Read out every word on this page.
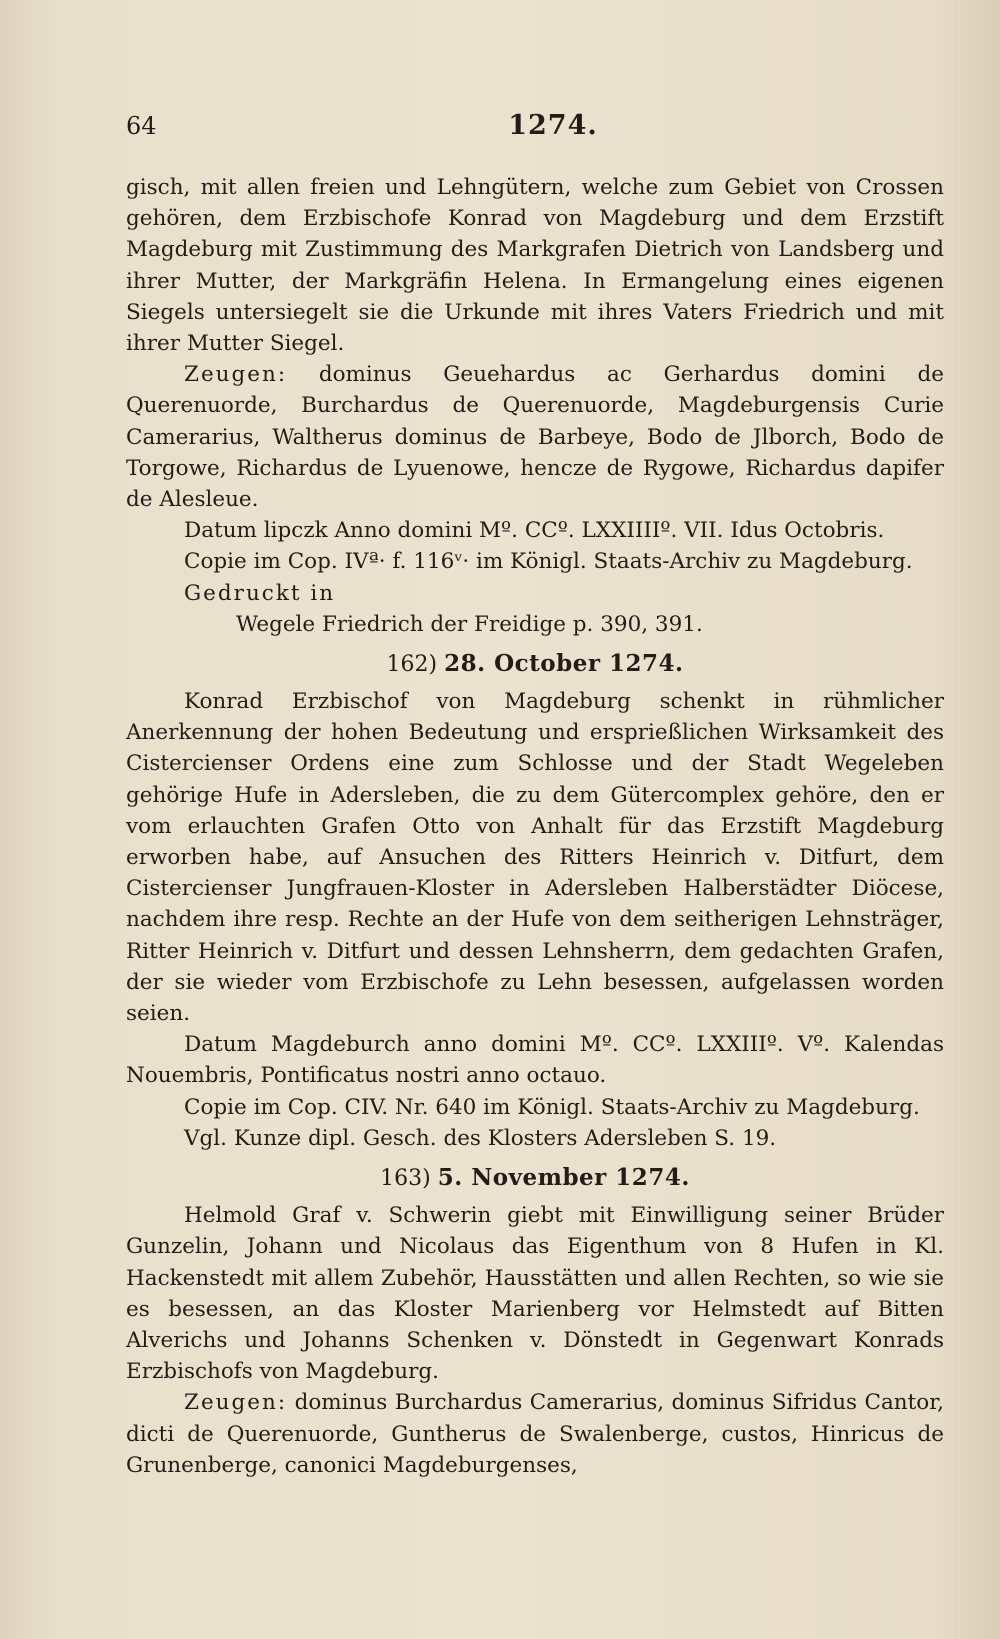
64	1274.

gisch, mit allen freien und Lehngütern, welche zum Gebiet von Crossen gehören, dem Erzbischofe Konrad von Magdeburg und dem Erzstift Magdeburg mit Zustimmung des Markgrafen Dietrich von Landsberg und ihrer Mutter, der Markgräfin Helena. In Ermangelung eines eigenen Siegels untersiegelt sie die Urkunde mit ihres Vaters Friedrich und mit ihrer Mutter Siegel.

Zeugen: dominus Geuehardus ac Gerhardus domini de Querenuorde, Burchardus de Querenuorde, Magdeburgensis Curie Camerarius, Waltherus dominus de Barbeye, Bodo de Jlborch, Bodo de Torgowe, Richardus de Lyuenowe, hencze de Rygowe, Richardus dapifer de Alesleue.

Datum lipczk Anno domini Mº. CCº. LXXIIIIº. VII. Idus Octobris.

Copie im Cop. IVª· f. 116ᵛ· im Königl. Staats-Archiv zu Magdeburg.

Gedruckt in

Wegele Friedrich der Freidige p. 390, 391.

162) 28. October 1274.

Konrad Erzbischof von Magdeburg schenkt in rühmlicher Anerkennung der hohen Bedeutung und ersprießlichen Wirksamkeit des Cistercienser Ordens eine zum Schlosse und der Stadt Wegeleben gehörige Hufe in Adersleben, die zu dem Gütercomplex gehöre, den er vom erlauchten Grafen Otto von Anhalt für das Erzstift Magdeburg erworben habe, auf Ansuchen des Ritters Heinrich v. Ditfurt, dem Cistercienser Jungfrauen-Kloster in Adersleben Halberstädter Diöcese, nachdem ihre resp. Rechte an der Hufe von dem seitherigen Lehnsträger, Ritter Heinrich v. Ditfurt und dessen Lehnsherrn, dem gedachten Grafen, der sie wieder vom Erzbischofe zu Lehn besessen, aufgelassen worden seien.

Datum Magdeburch anno domini Mº. CCº. LXXIIIº. Vº. Kalendas Nouembris, Pontificatus nostri anno octauo.

Copie im Cop. CIV. Nr. 640 im Königl. Staats-Archiv zu Magdeburg.

Vgl. Kunze dipl. Gesch. des Klosters Adersleben S. 19.

163) 5. November 1274.

Helmold Graf v. Schwerin giebt mit Einwilligung seiner Brüder Gunzelin, Johann und Nicolaus das Eigenthum von 8 Hufen in Kl. Hackenstedt mit allem Zubehör, Hausstätten und allen Rechten, so wie sie es besessen, an das Kloster Marienberg vor Helmstedt auf Bitten Alverichs und Johanns Schenken v. Dönstedt in Gegenwart Konrads Erzbischofs von Magdeburg.

Zeugen: dominus Burchardus Camerarius, dominus Sifridus Cantor, dicti de Querenuorde, Guntherus de Swalenberge, custos, Hinricus de Grunenberge, canonici Magdeburgenses,
